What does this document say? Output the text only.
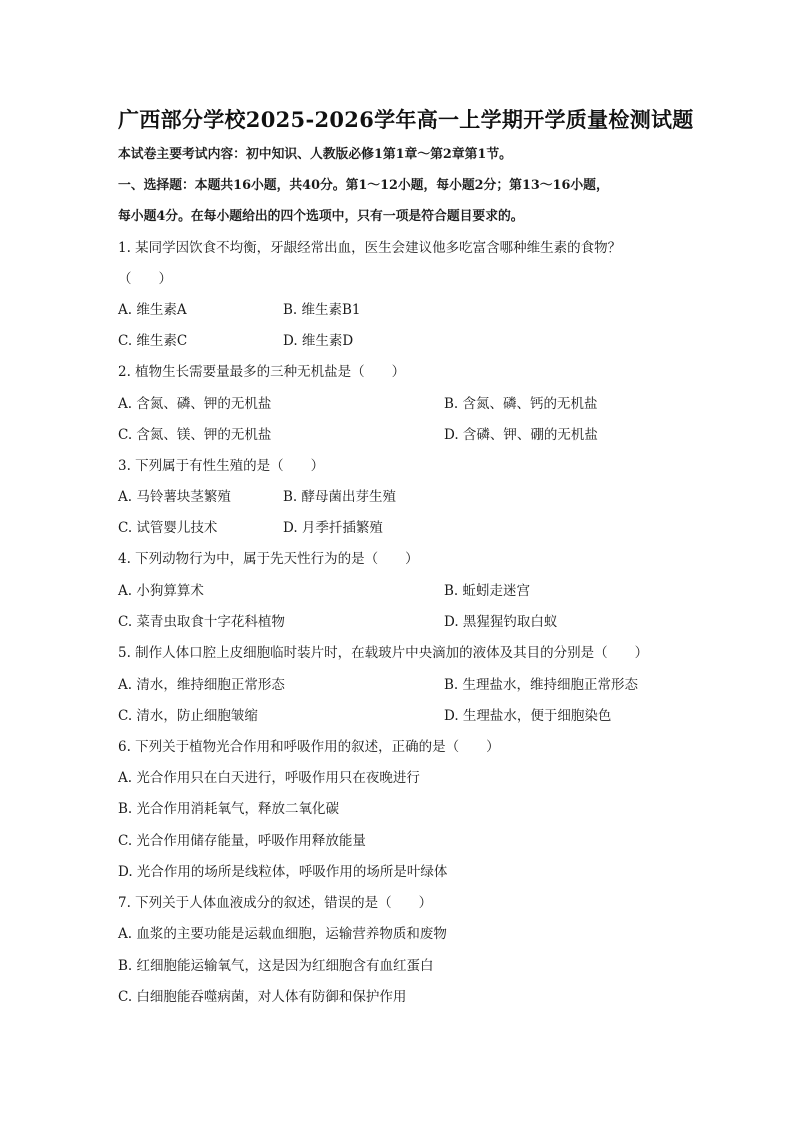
广西部分学校2025-2026学年高一上学期开学质量检测试题
本试卷主要考试内容：初中知识、人教版必修1第1章～第2章第1节。
一、选择题：本题共16小题，共40分。第1～12小题，每小题2分；第13～16小题，
每小题4分。在每小题给出的四个选项中，只有一项是符合题目要求的。
1. 某同学因饮食不均衡，牙龈经常出血，医生会建议他多吃富含哪种维生素的食物？
（　　）
A. 维生素A	B. 维生素B1
C. 维生素C	D. 维生素D
2. 植物生长需要量最多的三种无机盐是（　　）
A. 含氮、磷、钾的无机盐	B. 含氮、磷、钙的无机盐
C. 含氮、镁、钾的无机盐	D. 含磷、钾、硼的无机盐
3. 下列属于有性生殖的是（　　）
A. 马铃薯块茎繁殖	B. 酵母菌出芽生殖
C. 试管婴儿技术	D. 月季扦插繁殖
4. 下列动物行为中，属于先天性行为的是（　　）
A. 小狗算算术	B. 蚯蚓走迷宫
C. 菜青虫取食十字花科植物	D. 黑猩猩钓取白蚁
5. 制作人体口腔上皮细胞临时装片时，在载玻片中央滴加的液体及其目的分别是（　　）
A. 清水，维持细胞正常形态	B. 生理盐水，维持细胞正常形态
C. 清水，防止细胞皱缩	D. 生理盐水，便于细胞染色
6. 下列关于植物光合作用和呼吸作用的叙述，正确的是（　　）
A. 光合作用只在白天进行，呼吸作用只在夜晚进行
B. 光合作用消耗氧气，释放二氧化碳
C. 光合作用储存能量，呼吸作用释放能量
D. 光合作用的场所是线粒体，呼吸作用的场所是叶绿体
7. 下列关于人体血液成分的叙述，错误的是（　　）
A. 血浆的主要功能是运载血细胞，运输营养物质和废物
B. 红细胞能运输氧气，这是因为红细胞含有血红蛋白
C. 白细胞能吞噬病菌，对人体有防御和保护作用
